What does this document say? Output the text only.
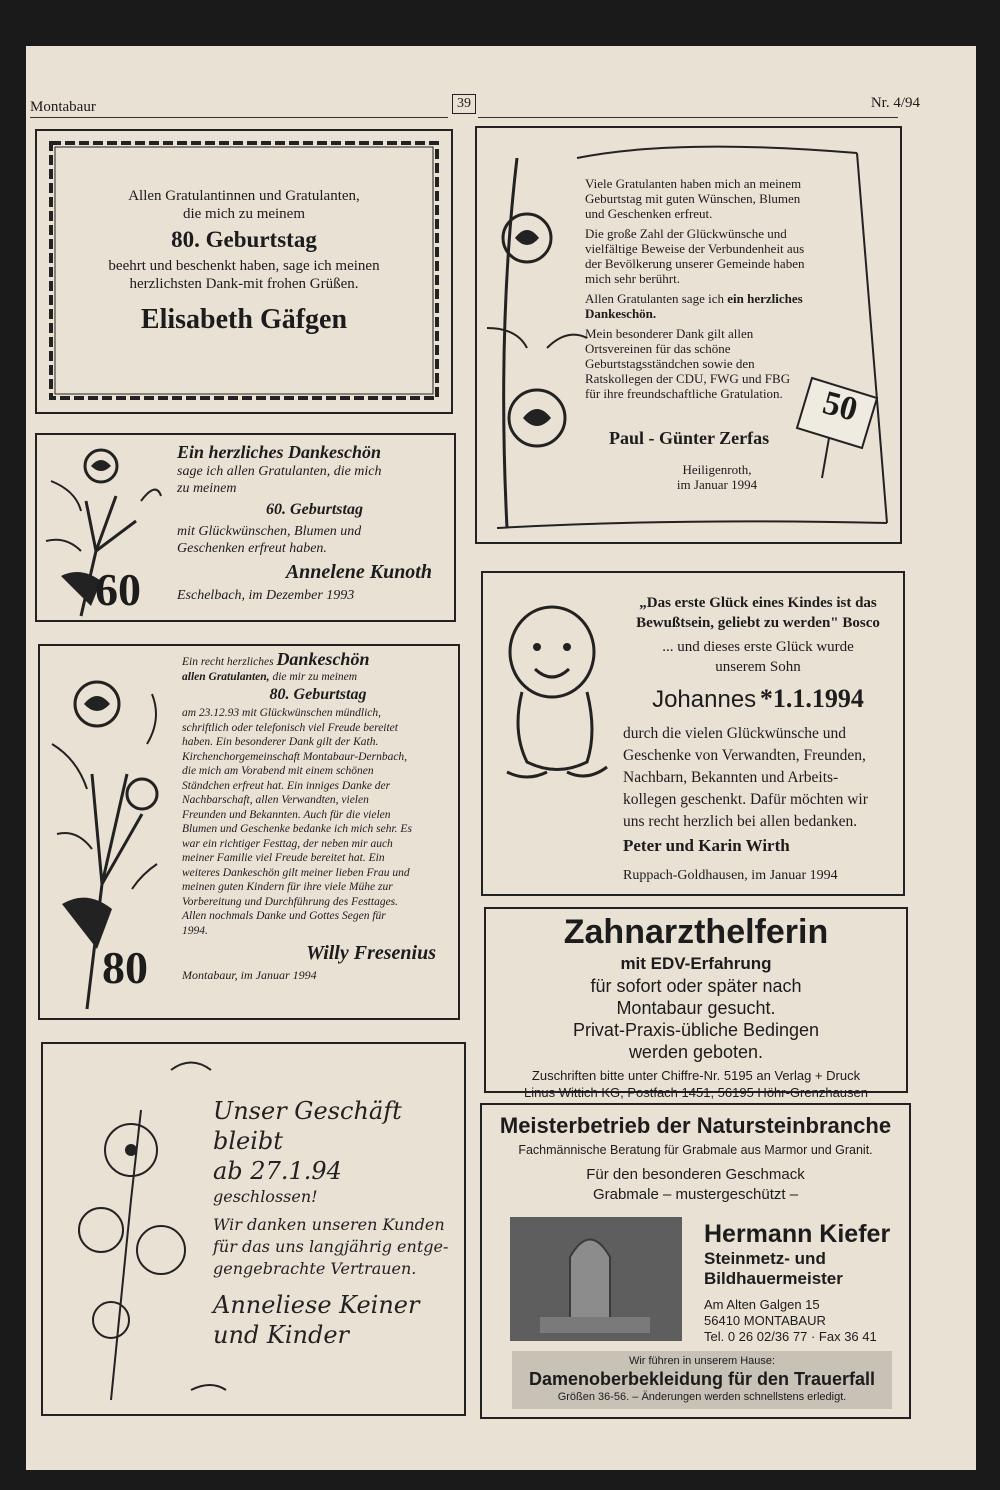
Montabaur	39	Nr. 4/94
Allen Gratulantinnen und Gratulanten,
die mich zu meinem
80. Geburtstag
beehrt und beschenkt haben, sage ich meinen
herzlichsten Dank-mit frohen Grüßen.
Elisabeth Gäfgen
60
Ein herzliches Dankeschön
sage ich allen Gratulanten, die mich
zu meinem
60. Geburtstag
mit Glückwünschen, Blumen und
Geschenken erfreut haben.
Annelene Kunoth
Eschelbach, im Dezember 1993
80
Ein recht herzliches Dankeschön
allen Gratulanten, die mir zu meinem
80. Geburtstag
am 23.12.93 mit Glückwünschen mündlich,
schriftlich oder telefonisch viel Freude bereitet
haben. Ein besonderer Dank gilt der Kath.
Kirchenchorgemeinschaft Montabaur-Dernbach,
die mich am Vorabend mit einem schönen
Ständchen erfreut hat. Ein inniges Danke der
Nachbarschaft, allen Verwandten, vielen
Freunden und Bekannten. Auch für die vielen
Blumen und Geschenke bedanke ich mich sehr. Es
war ein richtiger Festtag, der neben mir auch
meiner Familie viel Freude bereitet hat. Ein
weiteres Dankeschön gilt meiner lieben Frau und
meinen guten Kindern für ihre viele Mühe zur
Vorbereitung und Durchführung des Festtages.
Allen nochmals Danke und Gottes Segen für
1994.
Willy Fresenius
Montabaur, im Januar 1994
Unser Geschäft bleibt
ab 27.1.94
geschlossen!
Wir danken unseren Kunden
für das uns langjährig entge-
gengebrachte Vertrauen.
Anneliese Keiner
und Kinder
50
Viele Gratulanten haben mich an meinem
Geburtstag mit guten Wünschen, Blumen
und Geschenken erfreut.
Die große Zahl der Glückwünsche und
vielfältige Beweise der Verbundenheit aus
der Bevölkerung unserer Gemeinde haben
mich sehr berührt.
Allen Gratulanten sage ich ein herzliches
Dankeschön.
Mein besonderer Dank gilt allen
Ortsvereinen für das schöne
Geburtstagsständchen sowie den
Ratskollegen der CDU, FWG und FBG
für ihre freundschaftliche Gratulation.
Paul - Günter Zerfas
Heiligenroth,
im Januar 1994
„Das erste Glück eines Kindes ist das
Bewußtsein, geliebt zu werden" Bosco
... und dieses erste Glück wurde
unserem Sohn
Johannes *1.1.1994
durch die vielen Glückwünsche und
Geschenke von Verwandten, Freunden,
Nachbarn, Bekannten und Arbeits-
kollegen geschenkt. Dafür möchten wir
uns recht herzlich bei allen bedanken.
Peter und Karin Wirth
Ruppach-Goldhausen, im Januar 1994
Zahnarzthelferin
mit EDV-Erfahrung
für sofort oder später nach
Montabaur gesucht.
Privat-Praxis-übliche Bedingen
werden geboten.
Zuschriften bitte unter Chiffre-Nr. 5195 an Verlag + Druck
Linus Wittich KG, Postfach 1451, 56195 Höhr-Grenzhausen
Meisterbetrieb der Natursteinbranche
Fachmännische Beratung für Grabmale aus Marmor und Granit.
Für den besonderen Geschmack
Grabmale – mustergeschützt –
Hermann Kiefer
Steinmetz- und
Bildhauermeister
Am Alten Galgen 15
56410 MONTABAUR
Tel. 0 26 02/36 77 · Fax 36 41
Wir führen in unserem Hause:
Damenoberbekleidung für den Trauerfall
Größen 36-56. – Änderungen werden schnellstens erledigt.
